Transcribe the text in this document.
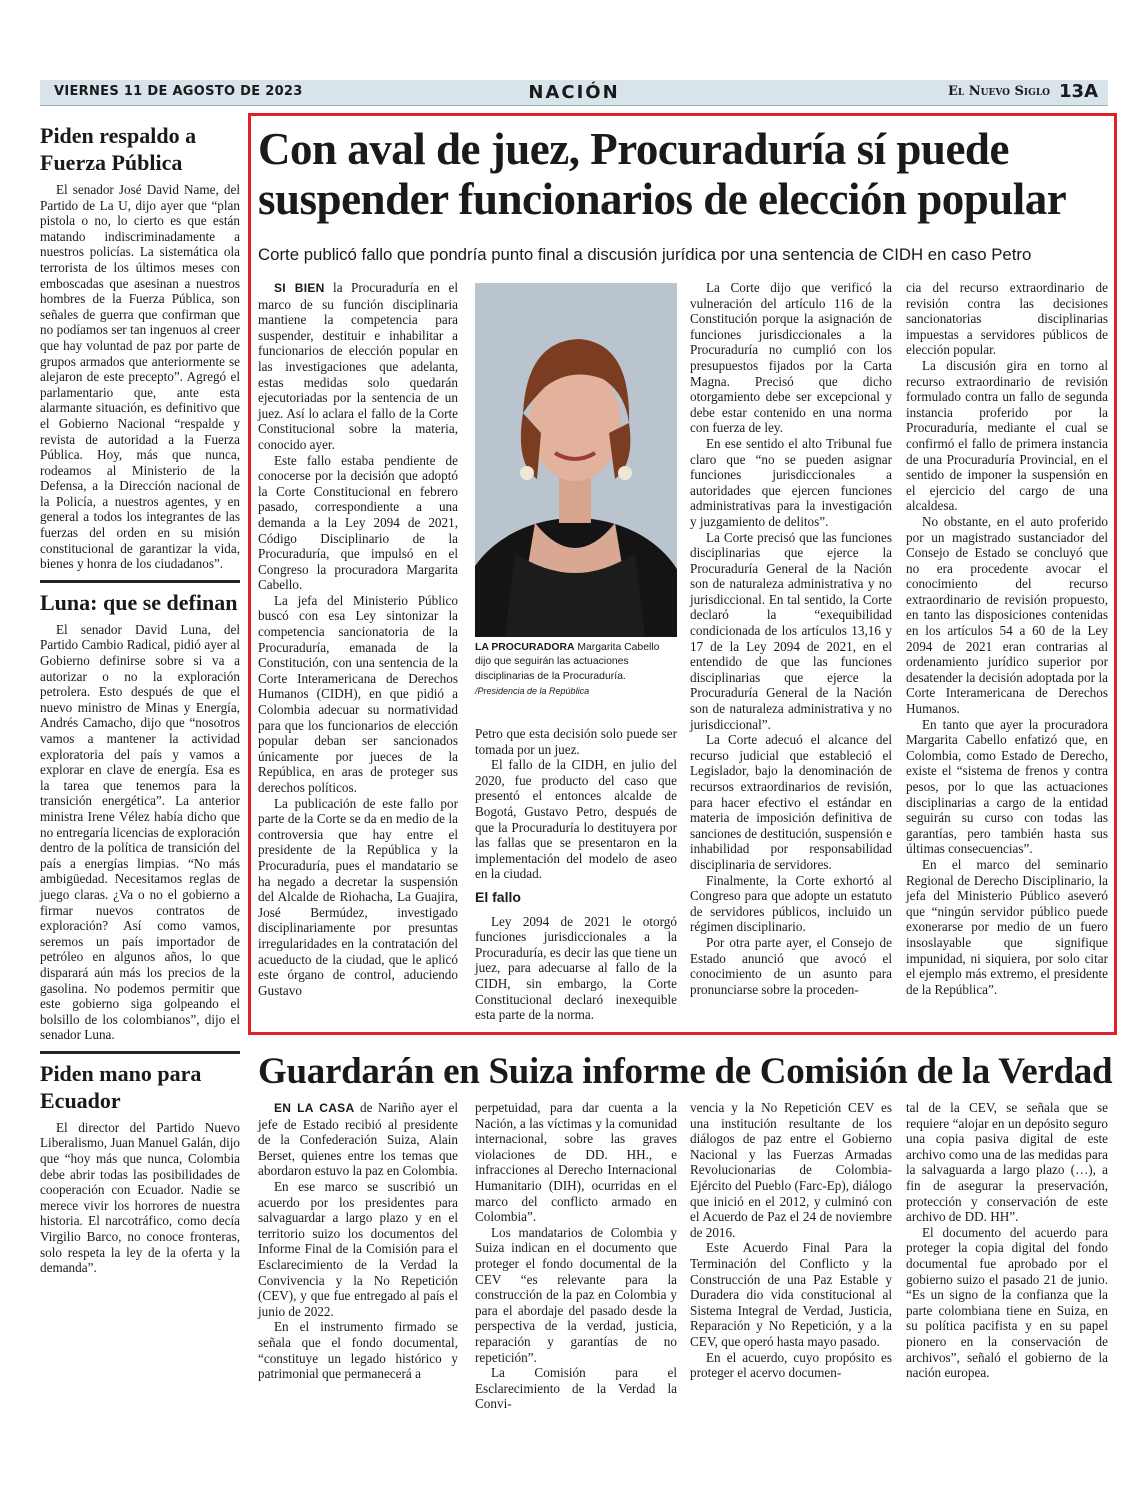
VIERNES 11 DE AGOSTO DE 2023	NACIÓN	El Nuevo Siglo 13A
Piden respaldo a Fuerza Pública

El senador José David Name, del Partido de La U, dijo ayer que “plan pistola o no, lo cierto es que están matando indiscriminadamente a nuestros policías. La sistemática ola terrorista de los últimos meses con emboscadas que asesinan a nuestros hombres de la Fuerza Pública, son señales de guerra que confirman que no podíamos ser tan ingenuos al creer que hay voluntad de paz por parte de grupos armados que anteriormente se alejaron de este precepto”. Agregó el parlamentario que, ante esta alarmante situación, es definitivo que el Gobierno Nacional “respalde y revista de autoridad a la Fuerza Pública. Hoy, más que nunca, rodeamos al Ministerio de la Defensa, a la Dirección nacional de la Policía, a nuestros agentes, y en general a todos los integrantes de las fuerzas del orden en su misión constitucional de garantizar la vida, bienes y honra de los ciudadanos”.

Luna: que se definan

El senador David Luna, del Partido Cambio Radical, pidió ayer al Gobierno definirse sobre si va a autorizar o no la exploración petrolera. Esto después de que el nuevo ministro de Minas y Energía, Andrés Camacho, dijo que “nosotros vamos a mantener la actividad exploratoria del país y vamos a explorar en clave de energía. Esa es la tarea que tenemos para la transición energética”. La anterior ministra Irene Vélez había dicho que no entregaría licencias de exploración dentro de la política de transición del país a energías limpias. “No más ambigüedad. Necesitamos reglas de juego claras. ¿Va o no el gobierno a firmar nuevos contratos de exploración? Así como vamos, seremos un país importador de petróleo en algunos años, lo que disparará aún más los precios de la gasolina. No podemos permitir que este gobierno siga golpeando el bolsillo de los colombianos”, dijo el senador Luna.

Piden mano para Ecuador

El director del Partido Nuevo Liberalismo, Juan Manuel Galán, dijo que “hoy más que nunca, Colombia debe abrir todas las posibilidades de cooperación con Ecuador. Nadie se merece vivir los horrores de nuestra historia. El narcotráfico, como decía Virgilio Barco, no conoce fronteras, solo respeta la ley de la oferta y la demanda”.

Con aval de juez, Procuraduría sí puede suspender funcionarios de elección popular
Corte publicó fallo que pondría punto final a discusión jurídica por una sentencia de CIDH en caso Petro

SI BIEN la Procuraduría en el marco de su función disciplinaria mantiene la competencia para suspender, destituir e inhabilitar a funcionarios de elección popular en las investigaciones que adelanta, estas medidas solo quedarán ejecutoriadas por la sentencia de un juez. Así lo aclara el fallo de la Corte Constitucional sobre la materia, conocido ayer.

Este fallo estaba pendiente de conocerse por la decisión que adoptó la Corte Constitucional en febrero pasado, correspondiente a una demanda a la Ley 2094 de 2021, Código Disciplinario de la Procuraduría, que impulsó en el Congreso la procuradora Margarita Cabello.

La jefa del Ministerio Público buscó con esa Ley sintonizar la competencia sancionatoria de la Procuraduría, emanada de la Constitución, con una sentencia de la Corte Interamericana de Derechos Humanos (CIDH), en que pidió a Colombia adecuar su normatividad para que los funcionarios de elección popular deban ser sancionados únicamente por jueces de la República, en aras de proteger sus derechos políticos.

La publicación de este fallo por parte de la Corte se da en medio de la controversia que hay entre el presidente de la República y la Procuraduría, pues el mandatario se ha negado a decretar la suspensión del Alcalde de Riohacha, La Guajira, José Bermúdez, investigado disciplinariamente por presuntas irregularidades en la contratación del acueducto de la ciudad, que le aplicó este órgano de control, aduciendo Gustavo

LA PROCURADORA Margarita Cabello dijo que seguirán las actuaciones disciplinarias de la Procuraduría. /Presidencia de la República

Petro que esta decisión solo puede ser tomada por un juez.

El fallo de la CIDH, en julio del 2020, fue producto del caso que presentó el entonces alcalde de Bogotá, Gustavo Petro, después de que la Procuraduría lo destituyera por las fallas que se presentaron en la implementación del modelo de aseo en la ciudad.

El fallo

Ley 2094 de 2021 le otorgó funciones jurisdiccionales a la Procuraduría, es decir las que tiene un juez, para adecuarse al fallo de la CIDH, sin embargo, la Corte Constitucional declaró inexequible esta parte de la norma.

La Corte dijo que verificó la vulneración del artículo 116 de la Constitución porque la asignación de funciones jurisdiccionales a la Procuraduría no cumplió con los presupuestos fijados por la Carta Magna. Precisó que dicho otorgamiento debe ser excepcional y debe estar contenido en una norma con fuerza de ley.

En ese sentido el alto Tribunal fue claro que “no se pueden asignar funciones jurisdiccionales a autoridades que ejercen funciones administrativas para la investigación y juzgamiento de delitos”.

La Corte precisó que las funciones disciplinarias que ejerce la Procuraduría General de la Nación son de naturaleza administrativa y no jurisdiccional. En tal sentido, la Corte declaró la “exequibilidad condicionada de los artículos 13,16 y 17 de la Ley 2094 de 2021, en el entendido de que las funciones disciplinarias que ejerce la Procuraduría General de la Nación son de naturaleza administrativa y no jurisdiccional”.

La Corte adecuó el alcance del recurso judicial que estableció el Legislador, bajo la denominación de recursos extraordinarios de revisión, para hacer efectivo el estándar en materia de imposición definitiva de sanciones de destitución, suspensión e inhabilidad por responsabilidad disciplinaria de servidores.

Finalmente, la Corte exhortó al Congreso para que adopte un estatuto de servidores públicos, incluido un régimen disciplinario.

Por otra parte ayer, el Consejo de Estado anunció que avocó el conocimiento de un asunto para pronunciarse sobre la proceden-

cia del recurso extraordinario de revisión contra las decisiones sancionatorias disciplinarias impuestas a servidores públicos de elección popular.

La discusión gira en torno al recurso extraordinario de revisión formulado contra un fallo de segunda instancia proferido por la Procuraduría, mediante el cual se confirmó el fallo de primera instancia de una Procuraduría Provincial, en el sentido de imponer la suspensión en el ejercicio del cargo de una alcaldesa.

No obstante, en el auto proferido por un magistrado sustanciador del Consejo de Estado se concluyó que no era procedente avocar el conocimiento del recurso extraordinario de revisión propuesto, en tanto las disposiciones contenidas en los artículos 54 a 60 de la Ley 2094 de 2021 eran contrarias al ordenamiento jurídico superior por desatender la decisión adoptada por la Corte Interamericana de Derechos Humanos.

En tanto que ayer la procuradora Margarita Cabello enfatizó que, en Colombia, como Estado de Derecho, existe el “sistema de frenos y contra pesos, por lo que las actuaciones disciplinarias a cargo de la entidad seguirán su curso con todas las garantías, pero también hasta sus últimas consecuencias”.

En el marco del seminario Regional de Derecho Disciplinario, la jefa del Ministerio Público aseveró que “ningún servidor público puede exonerarse por medio de un fuero insoslayable que signifique impunidad, ni siquiera, por solo citar el ejemplo más extremo, el presidente de la República”.

Guardarán en Suiza informe de Comisión de la Verdad

EN LA CASA de Nariño ayer el jefe de Estado recibió al presidente de la Confederación Suiza, Alain Berset, quienes entre los temas que abordaron estuvo la paz en Colombia.

En ese marco se suscribió un acuerdo por los presidentes para salvaguardar a largo plazo y en el territorio suizo los documentos del Informe Final de la Comisión para el Esclarecimiento de la Verdad la Convivencia y la No Repetición (CEV), y que fue entregado al país el junio de 2022.

En el instrumento firmado se señala que el fondo documental, “constituye un legado histórico y patrimonial que permanecerá a

perpetuidad, para dar cuenta a la Nación, a las víctimas y la comunidad internacional, sobre las graves violaciones de DD. HH., e infracciones al Derecho Internacional Humanitario (DIH), ocurridas en el marco del conflicto armado en Colombia”.

Los mandatarios de Colombia y Suiza indican en el documento que proteger el fondo documental de la CEV “es relevante para la construcción de la paz en Colombia y para el abordaje del pasado desde la perspectiva de la verdad, justicia, reparación y garantías de no repetición”.

La Comisión para el Esclarecimiento de la Verdad la Convi-

vencia y la No Repetición CEV es una institución resultante de los diálogos de paz entre el Gobierno Nacional y las Fuerzas Armadas Revolucionarias de Colombia-Ejército del Pueblo (Farc-Ep), diálogo que inició en el 2012, y culminó con el Acuerdo de Paz el 24 de noviembre de 2016.

Este Acuerdo Final Para la Terminación del Conflicto y la Construcción de una Paz Estable y Duradera dio vida constitucional al Sistema Integral de Verdad, Justicia, Reparación y No Repetición, y a la CEV, que operó hasta mayo pasado.

En el acuerdo, cuyo propósito es proteger el acervo documen-

tal de la CEV, se señala que se requiere “alojar en un depósito seguro una copia pasiva digital de este archivo como una de las medidas para la salvaguarda a largo plazo (…), a fin de asegurar la preservación, protección y conservación de este archivo de DD. HH”.

El documento del acuerdo para proteger la copia digital del fondo documental fue aprobado por el gobierno suizo el pasado 21 de junio. “Es un signo de la confianza que la parte colombiana tiene en Suiza, en su política pacifista y en su papel pionero en la conservación de archivos”, señaló el gobierno de la nación europea.
